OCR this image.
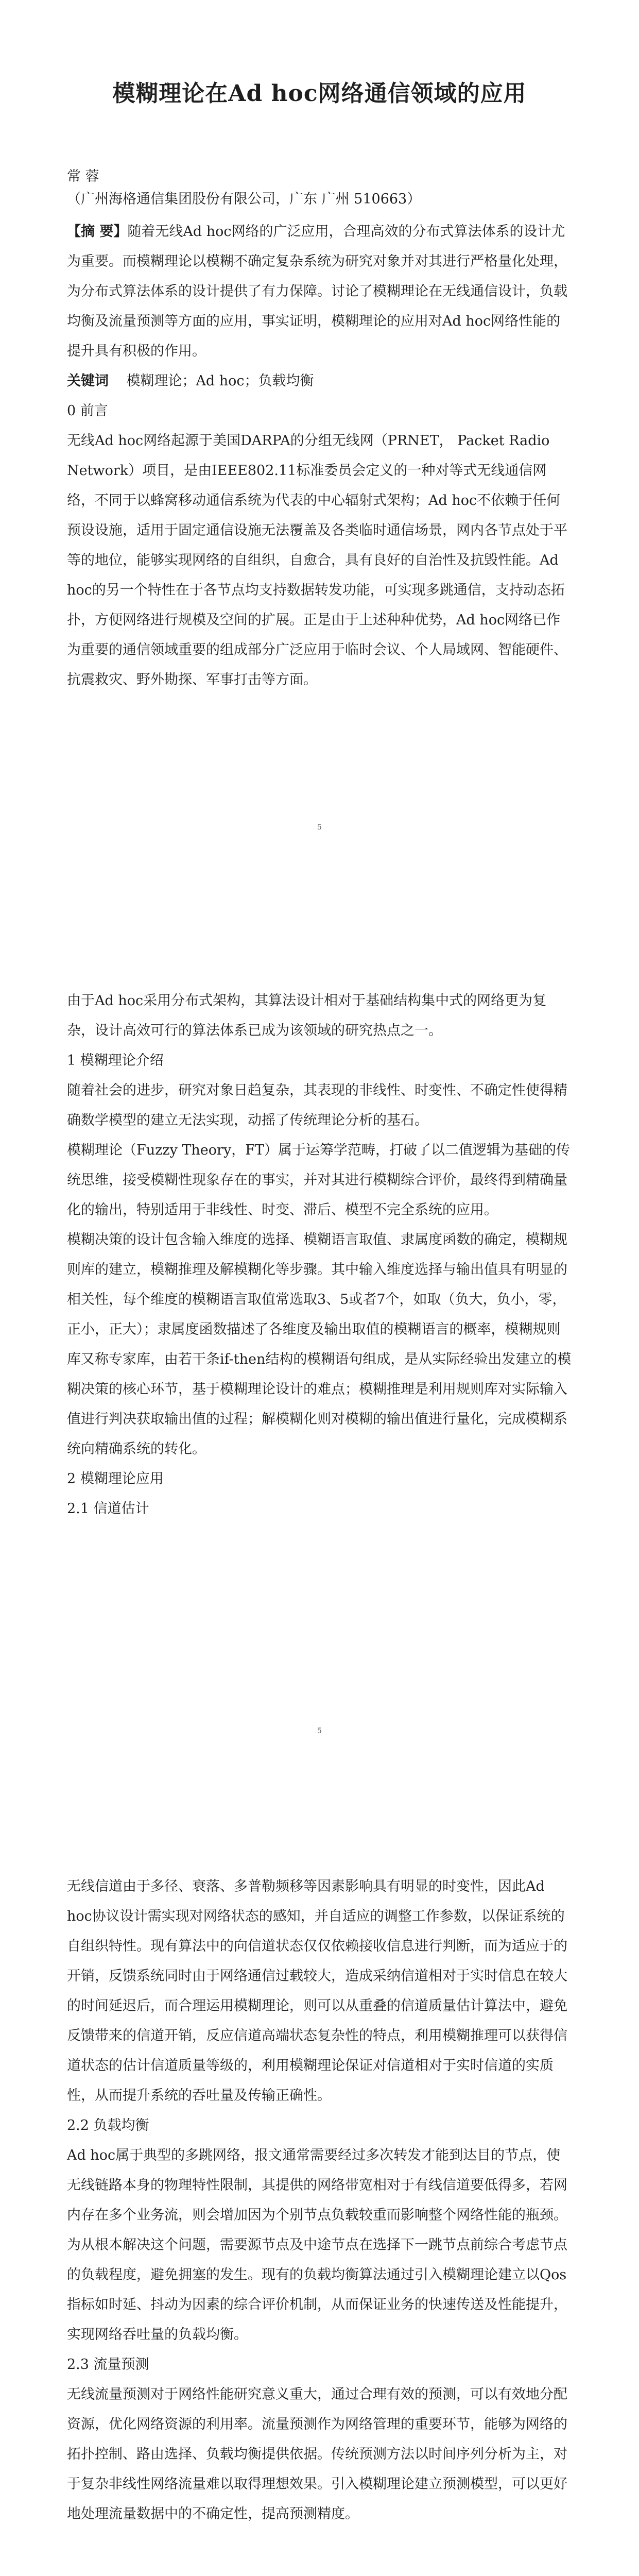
模糊理论在Ad hoc网络通信领域的应用
常 蓉
（广州海格通信集团股份有限公司，广东 广州 510663）

【摘 要】随着无线Ad hoc网络的广泛应用，合理高效的分布式算法体系的设计尤为重要。而模糊理论以模糊不确定复杂系统为研究对象并对其进行严格量化处理，为分布式算法体系的设计提供了有力保障。讨论了模糊理论在无线通信设计，负载均衡及流量预测等方面的应用，事实证明，模糊理论的应用对Ad hoc网络性能的提升具有积极的作用。

关键词 模糊理论；Ad hoc；负载均衡

0 前言

无线Ad hoc网络起源于美国DARPA的分组无线网（PRNET， Packet Radio Network）项目，是由IEEE802.11标准委员会定义的一种对等式无线通信网络，不同于以蜂窝移动通信系统为代表的中心辐射式架构；Ad hoc不依赖于任何预设设施，适用于固定通信设施无法覆盖及各类临时通信场景，网内各节点处于平等的地位，能够实现网络的自组织，自愈合，具有良好的自治性及抗毁性能。Ad hoc的另一个特性在于各节点均支持数据转发功能，可实现多跳通信，支持动态拓扑，方便网络进行规模及空间的扩展。正是由于上述种种优势，Ad hoc网络已作为重要的通信领域重要的组成部分广泛应用于临时会议、个人局域网、智能硬件、抗震救灾、野外勘探、军事打击等方面。

5

由于Ad hoc采用分布式架构，其算法设计相对于基础结构集中式的网络更为复杂，设计高效可行的算法体系已成为该领域的研究热点之一。

1 模糊理论介绍

随着社会的进步，研究对象日趋复杂，其表现的非线性、时变性、不确定性使得精确数学模型的建立无法实现，动摇了传统理论分析的基石。

模糊理论（Fuzzy Theory，FT）属于运筹学范畴，打破了以二值逻辑为基础的传统思维，接受模糊性现象存在的事实，并对其进行模糊综合评价，最终得到精确量化的输出，特别适用于非线性、时变、滞后、模型不完全系统的应用。

模糊决策的设计包含输入维度的选择、模糊语言取值、隶属度函数的确定，模糊规则库的建立，模糊推理及解模糊化等步骤。其中输入维度选择与输出值具有明显的相关性，每个维度的模糊语言取值常选取3、5或者7个，如取（负大，负小，零，正小，正大）；隶属度函数描述了各维度及输出取值的模糊语言的概率，模糊规则库又称专家库，由若干条if-then结构的模糊语句组成，是从实际经验出发建立的模糊决策的核心环节，基于模糊理论设计的难点；模糊推理是利用规则库对实际输入值进行判决获取输出值的过程；解模糊化则对模糊的输出值进行量化，完成模糊系统向精确系统的转化。

2 模糊理论应用

2.1 信道估计

5

无线信道由于多径、衰落、多普勒频移等因素影响具有明显的时变性，因此Ad hoc协议设计需实现对网络状态的感知，并自适应的调整工作参数，以保证系统的自组织特性。现有算法中的向信道状态仅仅依赖接收信息进行判断，而为适应于的开销，反馈系统同时由于网络通信过载较大，造成采纳信道相对于实时信息在较大的时间延迟后，而合理运用模糊理论，则可以从重叠的信道质量估计算法中，避免反馈带来的信道开销，反应信道高端状态复杂性的特点，利用模糊推理可以获得信道状态的估计信道质量等级的，利用模糊理论保证对信道相对于实时信道的实质性，从而提升系统的吞吐量及传输正确性。

2.2 负载均衡

Ad hoc属于典型的多跳网络，报文通常需要经过多次转发才能到达目的节点，使无线链路本身的物理特性限制，其提供的网络带宽相对于有线信道要低得多，若网内存在多个业务流，则会增加因为个别节点负载较重而影响整个网络性能的瓶颈。为从根本解决这个问题，需要源节点及中途节点在选择下一跳节点前综合考虑节点的负载程度，避免拥塞的发生。现有的负载均衡算法通过引入模糊理论建立以Qos指标如时延、抖动为因素的综合评价机制，从而保证业务的快速传送及性能提升，实现网络吞吐量的负载均衡。

2.3 流量预测

无线流量预测对于网络性能研究意义重大，通过合理有效的预测，可以有效地分配资源，优化网络资源的利用率。流量预测作为网络管理的重要环节，能够为网络的拓扑控制、路由选择、负载均衡提供依据。传统预测方法以时间序列分析为主，对于复杂非线性网络流量难以取得理想效果。引入模糊理论建立预测模型，可以更好地处理流量数据中的不确定性，提高预测精度。
